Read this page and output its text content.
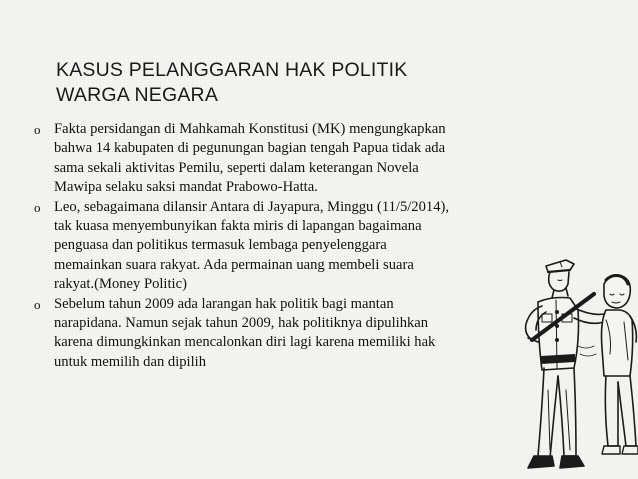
KASUS PELANGGARAN HAK POLITIK
WARGA NEGARA
o Fakta persidangan di Mahkamah Konstitusi (MK) mengungkapkan
bahwa 14 kabupaten di pegunungan bagian tengah Papua tidak ada
sama sekali aktivitas Pemilu, seperti dalam keterangan Novela
Mawipa selaku saksi mandat Prabowo-Hatta.
o Leo, sebagaimana dilansir Antara di Jayapura, Minggu (11/5/2014),
tak kuasa menyembunyikan fakta miris di lapangan bagaimana
penguasa dan politikus termasuk lembaga penyelenggara
memainkan suara rakyat. Ada permainan uang membeli suara
rakyat.(Money Politic)
o Sebelum tahun 2009 ada larangan hak politik bagi mantan
narapidana. Namun sejak tahun 2009, hak politiknya dipulihkan
karena dimungkinkan mencalonkan diri lagi karena memiliki hak
untuk memilih dan dipilih
